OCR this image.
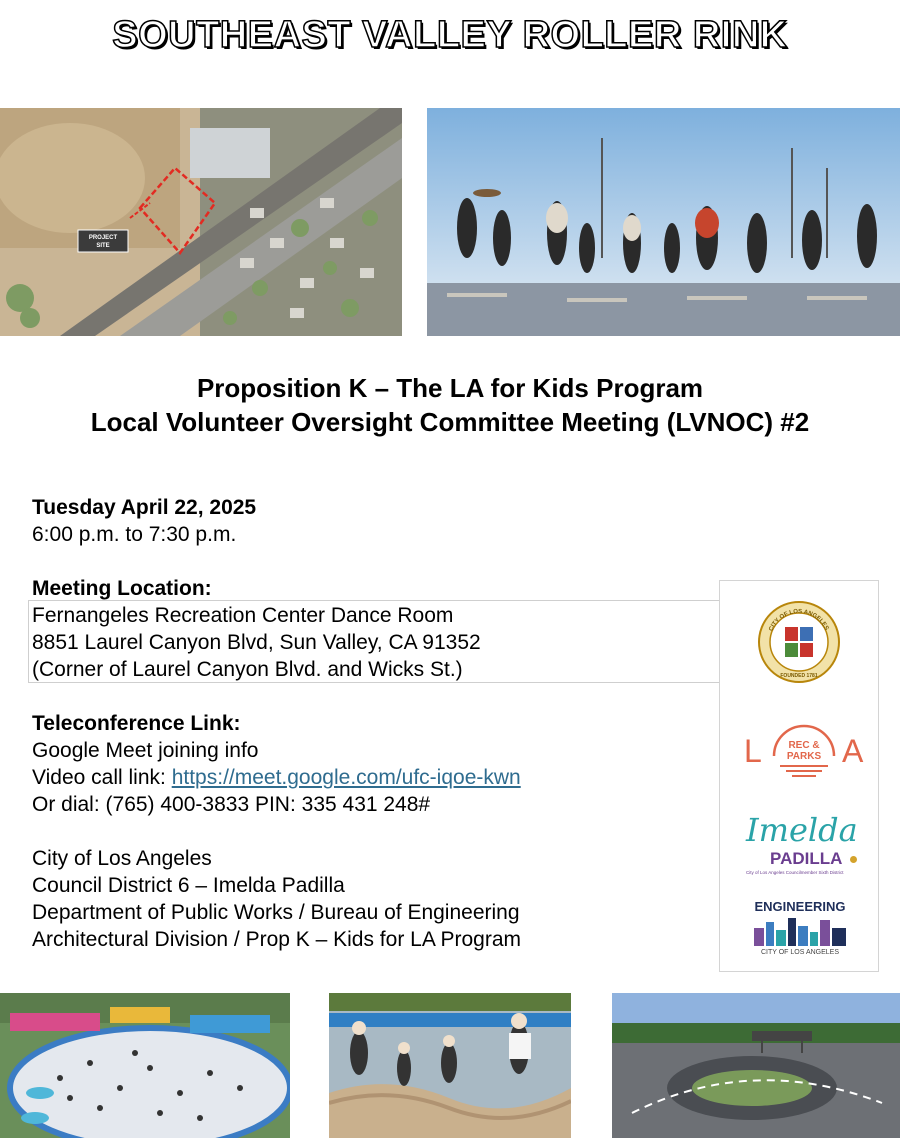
SOUTHEAST VALLEY ROLLER RINK
PROJECT
SITE
Proposition K – The LA for Kids Program
Local Volunteer Oversight Committee Meeting (LVNOC) #2
Tuesday April 22, 2025
6:00 p.m. to 7:30 p.m.
Meeting Location:
Fernangeles Recreation Center Dance Room
8851 Laurel Canyon Blvd, Sun Valley, CA 91352
(Corner of Laurel Canyon Blvd. and Wicks St.)
Teleconference Link:
Google Meet joining info
Video call link: https://meet.google.com/ufc-iqoe-kwn
Or dial: (765) 400-3833 PIN: 335 431 248#
City of Los Angeles
Council District 6 – Imelda Padilla
Department of Public Works / Bureau of Engineering
Architectural Division / Prop K – Kids for LA Program
CITY OF LOS ANGELES
FOUNDED 1781
L	A
REC &
PARKS
Imelda
PADILLA
City of Los Angeles Councilmember Sixth District
ENGINEERING
CITY OF LOS ANGELES
